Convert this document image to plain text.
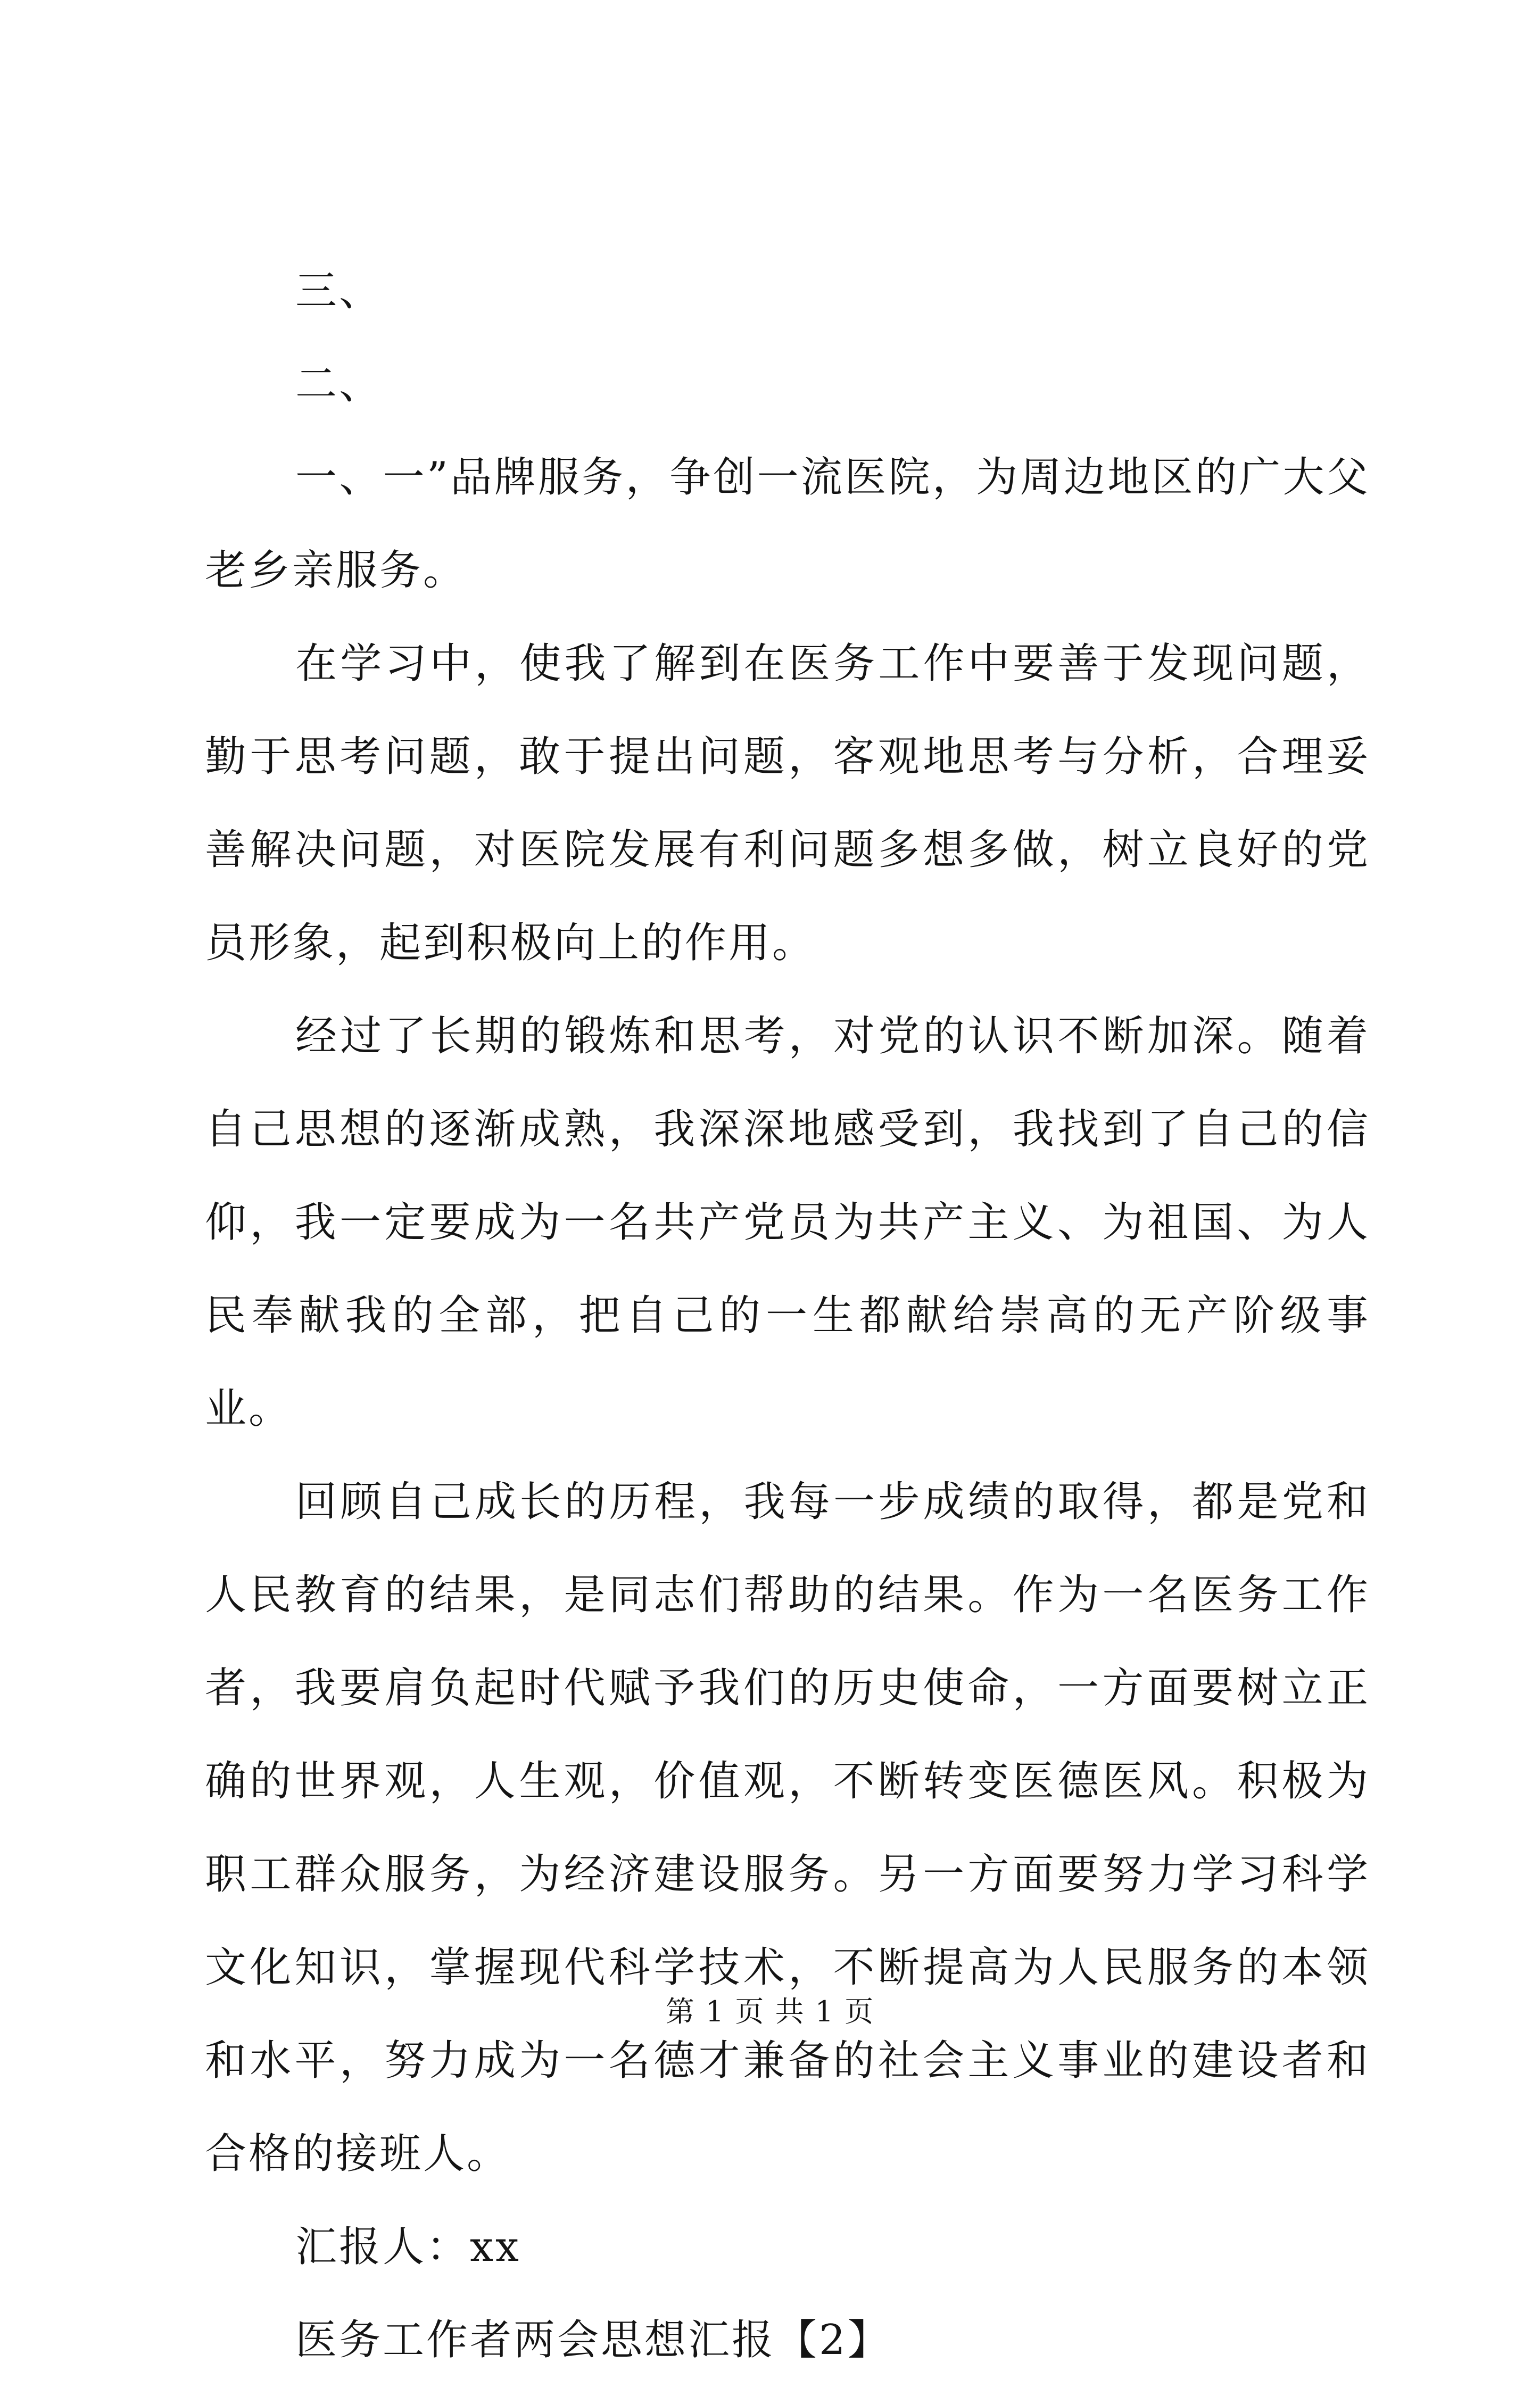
三、

二、

一、一”品牌服务，争创一流医院，为周边地区的广大父老乡亲服务。

在学习中，使我了解到在医务工作中要善于发现问题，勤于思考问题，敢于提出问题，客观地思考与分析，合理妥善解决问题，对医院发展有利问题多想多做，树立良好的党员形象，起到积极向上的作用。

经过了长期的锻炼和思考，对党的认识不断加深。随着自己思想的逐渐成熟，我深深地感受到，我找到了自己的信仰，我一定要成为一名共产党员为共产主义、为祖国、为人民奉献我的全部，把自己的一生都献给崇高的无产阶级事业。

回顾自己成长的历程，我每一步成绩的取得，都是党和人民教育的结果，是同志们帮助的结果。作为一名医务工作者，我要肩负起时代赋予我们的历史使命，一方面要树立正确的世界观，人生观，价值观，不断转变医德医风。积极为职工群众服务，为经济建设服务。另一方面要努力学习科学文化知识，掌握现代科学技术，不断提高为人民服务的本领和水平，努力成为一名德才兼备的社会主义事业的建设者和合格的接班人。

汇报人：xx

医务工作者两会思想汇报【2】

第 1 页 共 1 页
